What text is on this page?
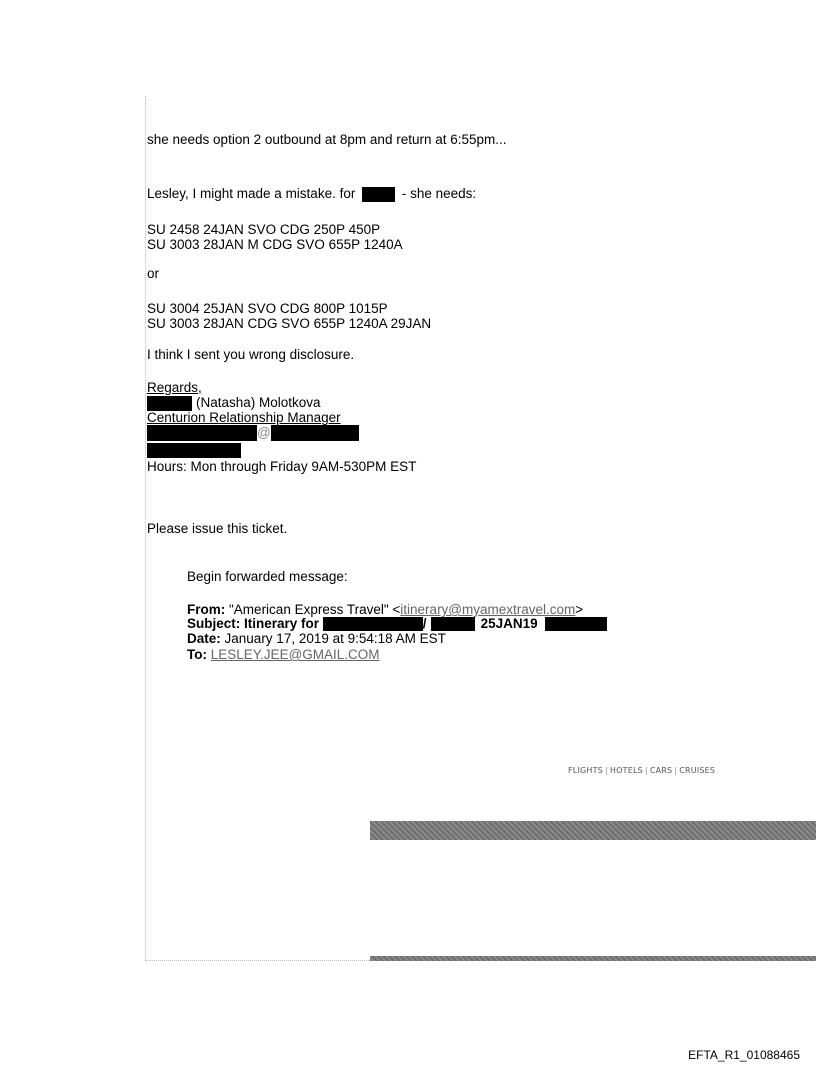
she needs option 2 outbound at 8pm and return at 6:55pm...
Lesley, I might made a mistake. for	- she needs:
SU 2458 24JAN SVO CDG 250P 450P
SU 3003 28JAN M CDG SVO 655P 1240A
or
SU 3004 25JAN SVO CDG 800P 1015P
SU 3003 28JAN CDG SVO 655P 1240A 29JAN
I think I sent you wrong disclosure.
Regards,
(Natasha) Molotkova
Centurion Relationship Manager
@
Hours: Mon through Friday 9AM-530PM EST
Please issue this ticket.
Begin forwarded message:
From: "American Express Travel" <itinerary@myamextravel.com>
Subject: Itinerary for	/	25JAN19
Date: January 17, 2019 at 9:54:18 AM EST
To: LESLEY.JEE@GMAIL.COM
FLIGHTS | HOTELS | CARS | CRUISES
EFTA_R1_01088465
